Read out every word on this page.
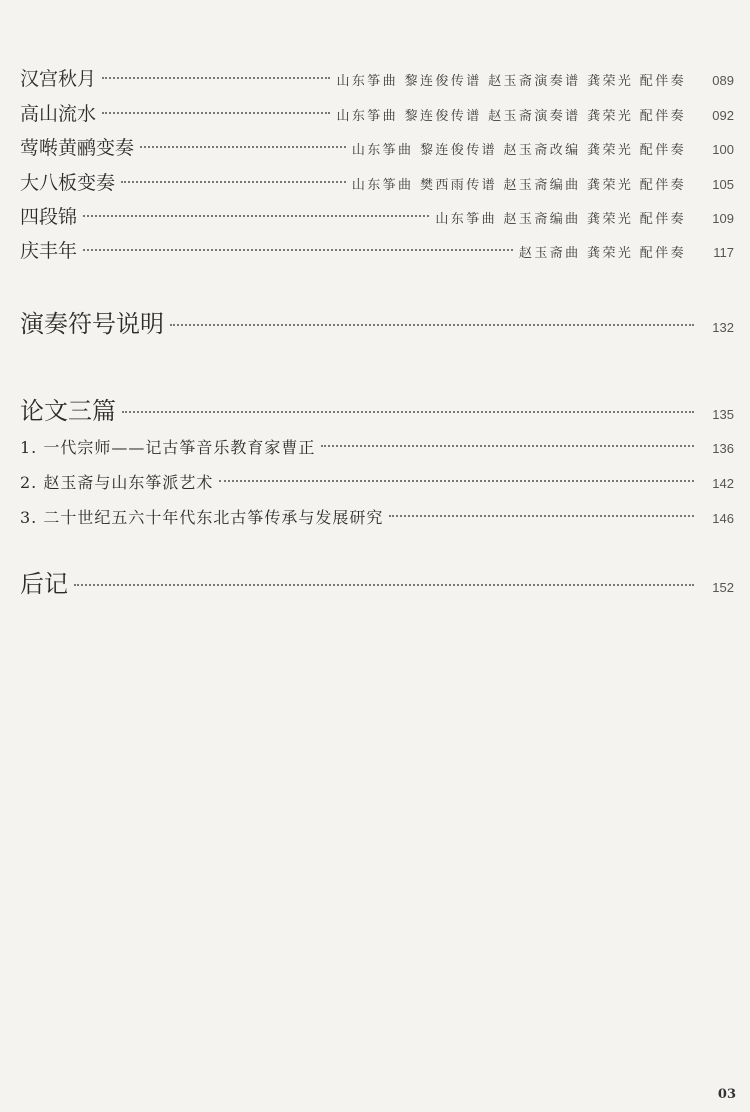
汉宫秋月	山东筝曲 黎连俊传谱 赵玉斋演奏谱 龚荣光 配伴奏	089
高山流水	山东筝曲 黎连俊传谱 赵玉斋演奏谱 龚荣光 配伴奏	092
莺啭黄鹂变奏	山东筝曲 黎连俊传谱 赵玉斋改编 龚荣光 配伴奏	100
大八板变奏	山东筝曲 樊西雨传谱 赵玉斋编曲 龚荣光 配伴奏	105
四段锦	山东筝曲 赵玉斋编曲 龚荣光 配伴奏	109
庆丰年	赵玉斋曲 龚荣光 配伴奏	117
演奏符号说明	132
论文三篇	135
1. 一代宗师——记古筝音乐教育家曹正	136
2. 赵玉斋与山东筝派艺术	142
3. 二十世纪五六十年代东北古筝传承与发展研究	146
后记	152
03
